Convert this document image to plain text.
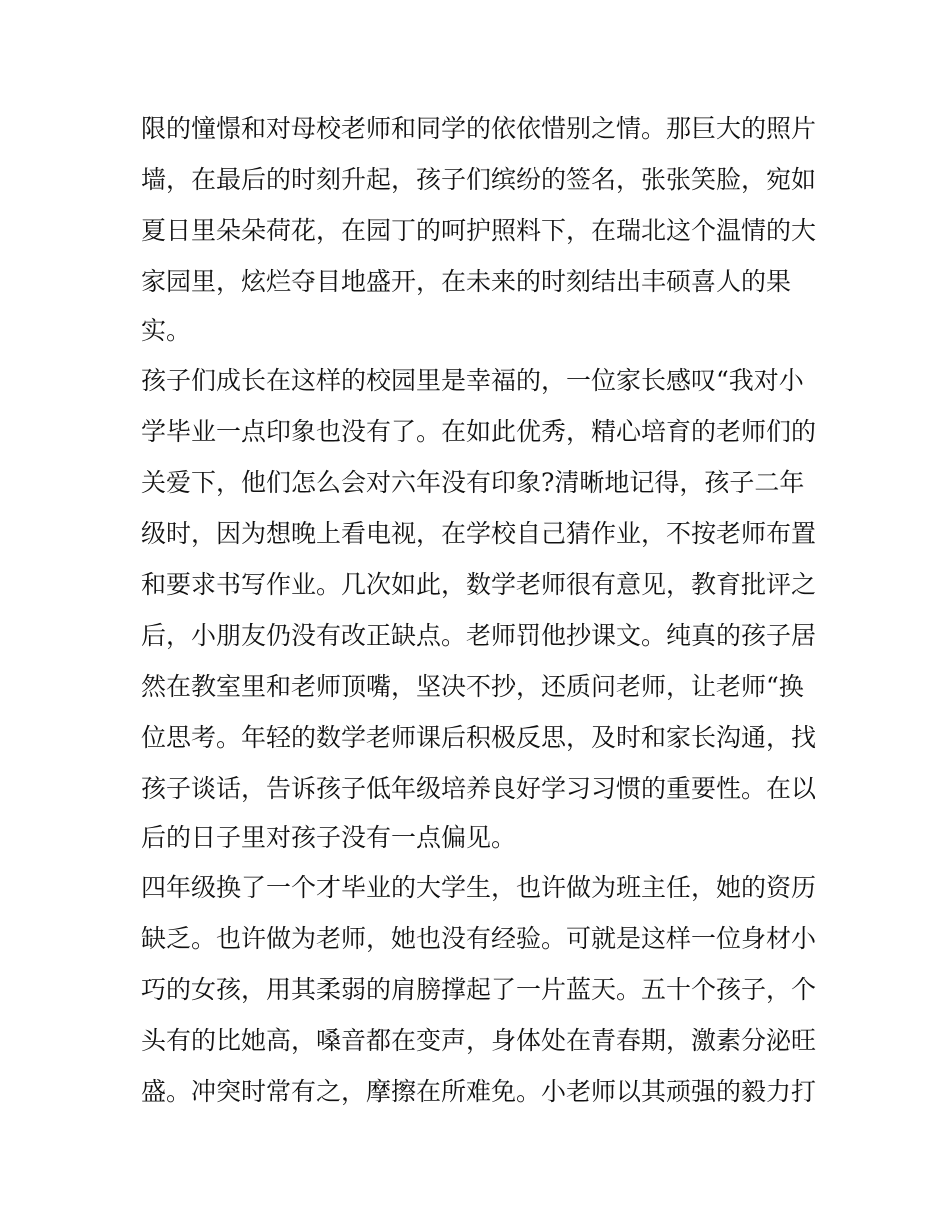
限的憧憬和对母校老师和同学的依依惜别之情。那巨大的照片
墙，在最后的时刻升起，孩子们缤纷的签名，张张笑脸，宛如
夏日里朵朵荷花，在园丁的呵护照料下，在瑞北这个温情的大
家园里，炫烂夺目地盛开，在未来的时刻结出丰硕喜人的果
实。
孩子们成长在这样的校园里是幸福的，一位家长感叹“我对小
学毕业一点印象也没有了。在如此优秀，精心培育的老师们的
关爱下，他们怎么会对六年没有印象?清晰地记得，孩子二年
级时，因为想晚上看电视，在学校自己猜作业，不按老师布置
和要求书写作业。几次如此，数学老师很有意见，教育批评之
后，小朋友仍没有改正缺点。老师罚他抄课文。纯真的孩子居
然在教室里和老师顶嘴，坚决不抄，还质问老师，让老师“换
位思考。年轻的数学老师课后积极反思，及时和家长沟通，找
孩子谈话，告诉孩子低年级培养良好学习习惯的重要性。在以
后的日子里对孩子没有一点偏见。
四年级换了一个才毕业的大学生，也许做为班主任，她的资历
缺乏。也许做为老师，她也没有经验。可就是这样一位身材小
巧的女孩，用其柔弱的肩膀撑起了一片蓝天。五十个孩子，个
头有的比她高，嗓音都在变声，身体处在青春期，激素分泌旺
盛。冲突时常有之，摩擦在所难免。小老师以其顽强的毅力打
